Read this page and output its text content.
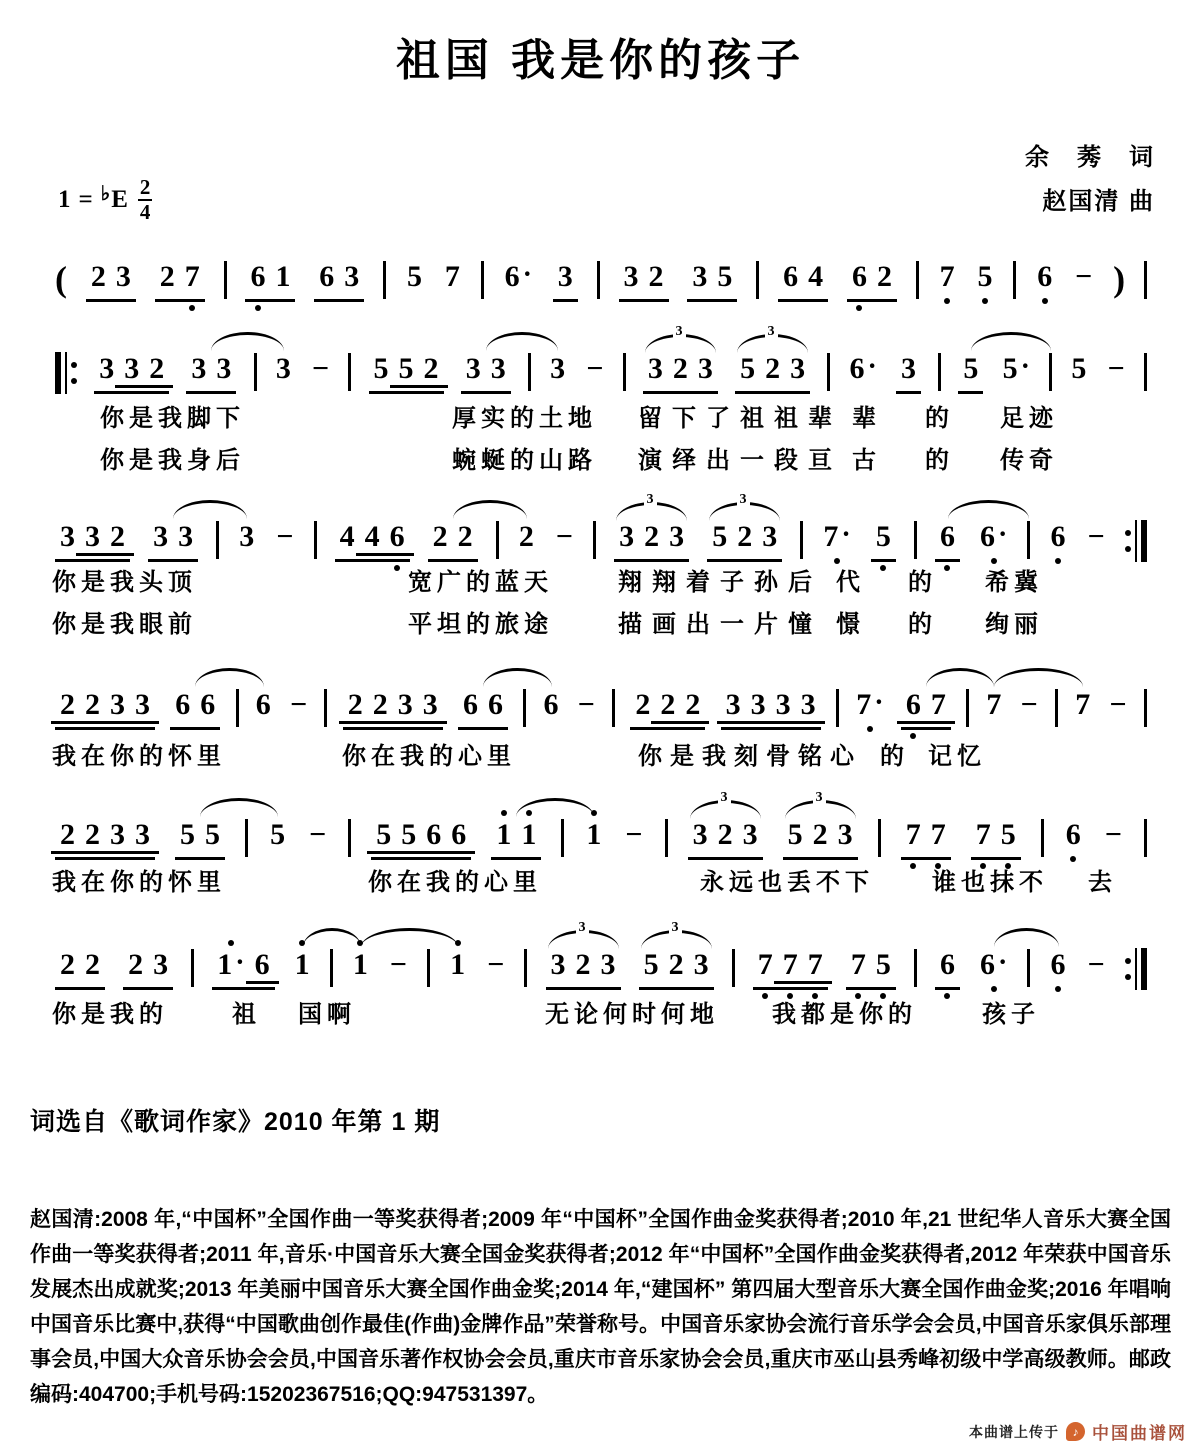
祖国 我是你的孩子
余　莠　词
赵国清 曲
1 = ♭ E $\frac{2}{4}$
( 2 3 2 7 6 1 6 3 5 7 6 · 3 3 2 3 5 6 4 6 2 7 5 6 − )
3 3 2 3 3 3 − 5 5 2 3 3 3 − 3 2 3 5 2 3 6 · 3 5 5 · 5 −
3	3
3 3 2 3 3 3 − 4 4 6 2 2 2 − 3 2 3 5 2 3 7 · 5 6 6 · 6 −
3	3
2 2 3 3 6 6 6 − 2 2 3 3 6 6 6 − 2 2 2 3 3 3 3 7 · 6 7 7 − 7 −
2 2 3 3 5 5 5 − 5 5 6 6 1 1 1 − 3 2 3 5 2 3 7 7 7 5 6 −
3	3
2 2 2 3 1 · 6 1 1 − 1 − 3 2 3 5 2 3 7 7 7 7 5 6 6 · 6 −
3	3
词选自《歌词作家》2010 年第 1 期
赵国清:2008 年,“中国杯”全国作曲一等奖获得者;2009 年“中国杯”全国作曲金奖获得者;2010 年,21 世纪华人音乐大赛全国作曲一等奖获得者;2011 年,音乐·中国音乐大赛全国金奖获得者;2012 年“中国杯”全国作曲金奖获得者,2012 年荣获中国音乐发展杰出成就奖;2013 年美丽中国音乐大赛全国作曲金奖;2014 年,“建国杯” 第四届大型音乐大赛全国作曲金奖;2016 年唱响中国音乐比赛中,获得“中国歌曲创作最佳(作曲)金牌作品”荣誉称号。中国音乐家协会流行音乐学会会员,中国音乐家俱乐部理事会员,中国大众音乐协会会员,中国音乐著作权协会会员,重庆市音乐家协会会员,重庆市巫山县秀峰初级中学高级教师。邮政编码:404700;手机号码:15202367516;QQ:947531397。
本曲谱上传于	♪ 中国曲谱网
你是我脚下	厚实的土地 留下了祖祖辈 辈 的 足迹
你是我身后	蜿蜒的山路 演绎出一段亘 古 的 传奇
你是我头顶	宽广的蓝天	翔翔着子孙后 代 的 希冀
你是我眼前	平坦的旅途	描画出一片憧 憬 的 绚丽
我在你的怀里	你在我的心里	你是我刻骨铭心 的 记忆
我在你的怀里	你在我的心里	永远也丢不下 谁也抹不 去
你是我的	祖 国啊	无论何时何地 我都是你的	孩子
